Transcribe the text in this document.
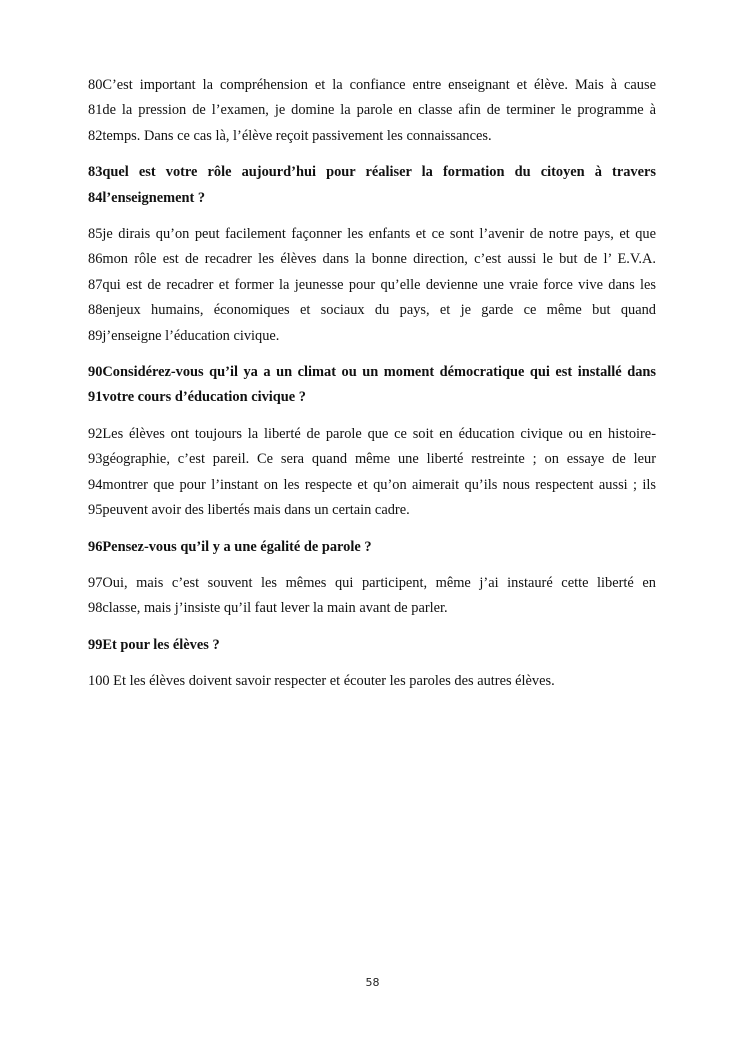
80C’est important la compréhension et la confiance entre enseignant et élève. Mais à cause
81de la pression de l’examen, je domine la parole en classe afin de terminer le programme à
82temps. Dans ce cas là, l’élève reçoit passivement les connaissances.

83quel est votre rôle aujourd’hui pour réaliser la formation du citoyen à travers
84l’enseignement ?

85je dirais qu’on peut facilement façonner les enfants et ce sont l’avenir de notre pays, et que
86mon rôle est de recadrer les élèves dans la bonne direction, c’est aussi le but de l’ E.V.A.
87qui est de recadrer et former la jeunesse pour qu’elle devienne une vraie force vive dans les
88enjeux humains, économiques et sociaux du pays, et je garde ce même but quand
89j’enseigne l’éducation civique.

90Considérez-vous qu’il ya a un climat ou un moment démocratique qui est installé dans
91votre cours d’éducation civique ?

92Les élèves ont toujours la liberté de parole que ce soit en éducation civique ou en histoire-
93géographie, c’est pareil. Ce sera quand même une liberté restreinte ; on essaye de leur
94montrer que pour l’instant on les respecte et qu’on aimerait qu’ils nous respectent aussi ; ils
95peuvent avoir des libertés mais dans un certain cadre.

96Pensez-vous qu’il y a une égalité de parole ?

97Oui, mais c’est souvent les mêmes qui participent, même j’ai instauré cette liberté en
98classe, mais j’insiste qu’il faut lever la main avant de parler.

99Et pour les élèves ?

100 Et les élèves doivent savoir respecter et écouter les paroles des autres élèves.

58
